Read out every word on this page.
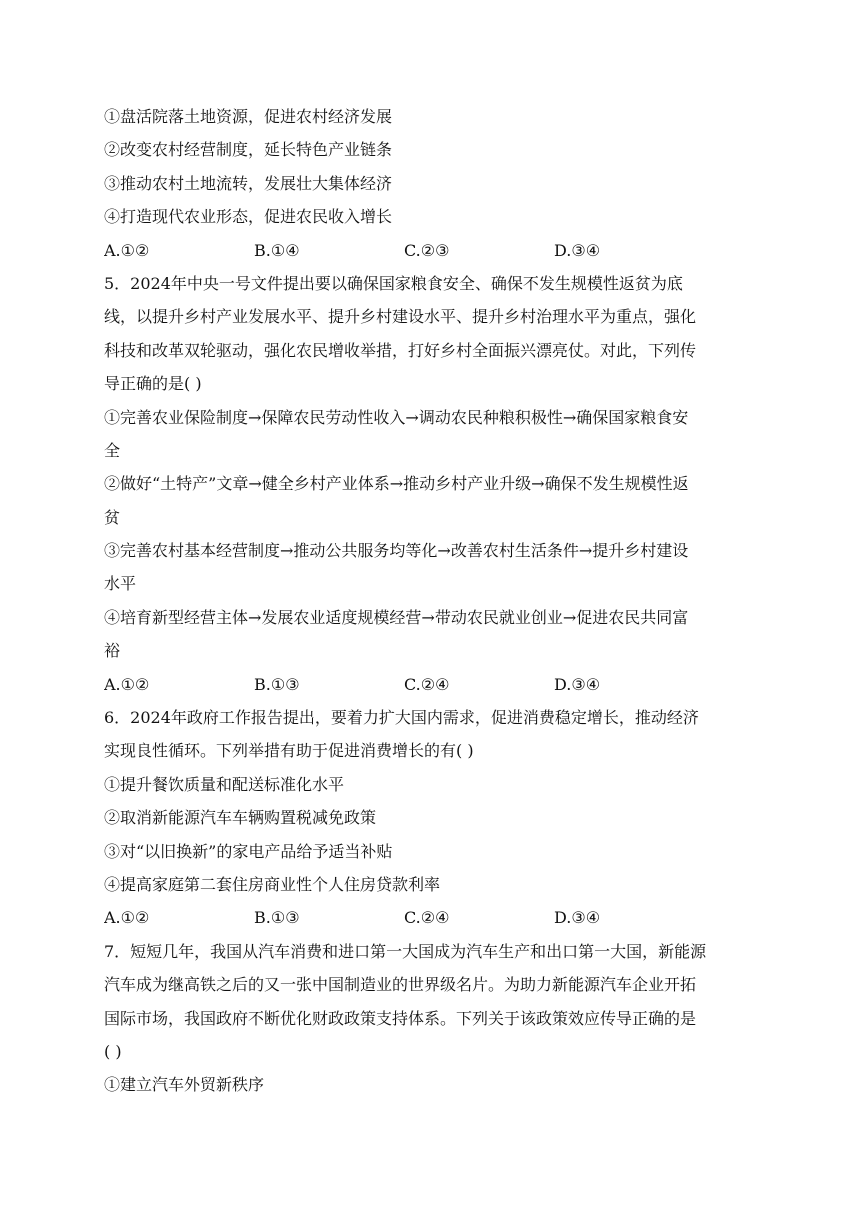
①盘活院落土地资源，促进农村经济发展
②改变农村经营制度，延长特色产业链条
③推动农村土地流转，发展壮大集体经济
④打造现代农业形态，促进农民收入增长
A.①②	B.①④	C.②③	D.③④
5．2024年中央一号文件提出要以确保国家粮食安全、确保不发生规模性返贫为底
线，以提升乡村产业发展水平、提升乡村建设水平、提升乡村治理水平为重点，强化
科技和改革双轮驱动，强化农民增收举措，打好乡村全面振兴漂亮仗。对此，下列传
导正确的是( )
①完善农业保险制度→保障农民劳动性收入→调动农民种粮积极性→确保国家粮食安
全
②做好“土特产”文章→健全乡村产业体系→推动乡村产业升级→确保不发生规模性返
贫
③完善农村基本经营制度→推动公共服务均等化→改善农村生活条件→提升乡村建设
水平
④培育新型经营主体→发展农业适度规模经营→带动农民就业创业→促进农民共同富
裕
A.①②	B.①③	C.②④	D.③④
6．2024年政府工作报告提出，要着力扩大国内需求，促进消费稳定增长，推动经济
实现良性循环。下列举措有助于促进消费增长的有( )
①提升餐饮质量和配送标准化水平
②取消新能源汽车车辆购置税减免政策
③对“以旧换新”的家电产品给予适当补贴
④提高家庭第二套住房商业性个人住房贷款利率
A.①②	B.①③	C.②④	D.③④
7．短短几年，我国从汽车消费和进口第一大国成为汽车生产和出口第一大国，新能源
汽车成为继高铁之后的又一张中国制造业的世界级名片。为助力新能源汽车企业开拓
国际市场，我国政府不断优化财政政策支持体系。下列关于该政策效应传导正确的是
( )
①建立汽车外贸新秩序
